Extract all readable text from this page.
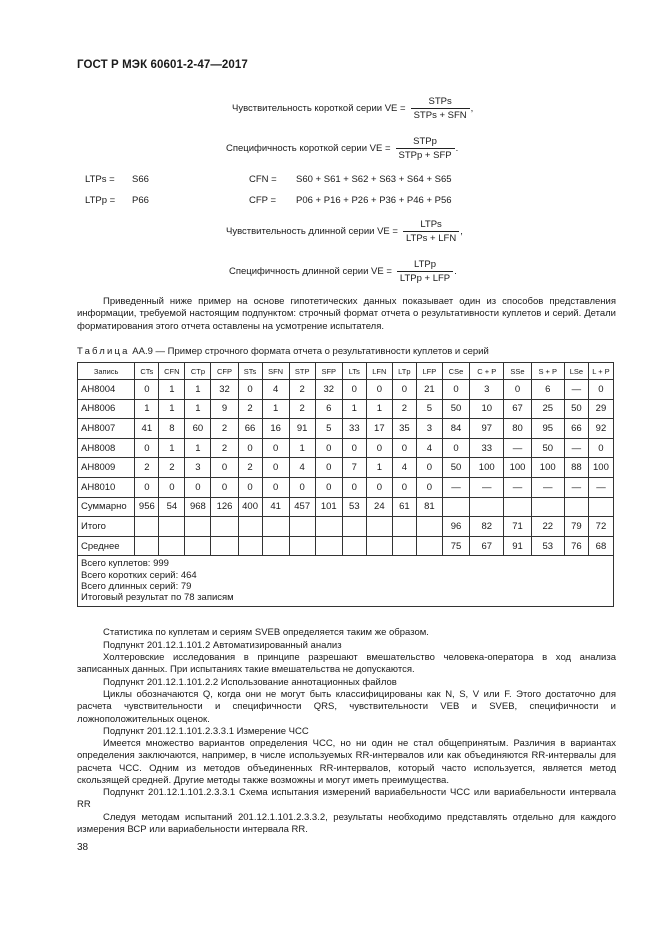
ГОСТ Р МЭК 60601-2-47—2017
Чувствительность короткой серии VE = $\frac{\text{STPs}}{\text{STPs + SFN}}$ ,
Специфичность короткой серии VE = $\frac{\text{STPp}}{\text{STPp + SFP}}$ .
LTPs = S66	CFN = S60 + S61 + S62 + S63 + S64 + S65
LTPp = P66	CFP = P06 + P16 + P26 + P36 + P46 + P56
Чувствительность длинной серии VE = $\frac{\text{LTPs}}{\text{LTPs + LFN}}$ ,
Специфичность длинной серии VE = $\frac{\text{LTPp}}{\text{LTPp + LFP}}$ .
Приведенный ниже пример на основе гипотетических данных показывает один из способов представления информации, требуемой настоящим подпунктом: строчный формат отчета о результативности куплетов и серий. Детали форматирования этого отчета оставлены на усмотрение испытателя.
Таблица AA.9 — Пример строчного формата отчета о результативности куплетов и серий
Запись	CTs	CFN	CTp	CFP	STs	SFN	STP	SFP	LTs	LFN	LTp	LFP	CSe	C + P	SSe	S + P	LSe	L + P
AH8004	0	1	1	32	0	4	2	32	0	0	0	21	0	3	0	6	—	0
AH8006	1	1	1	9	2	1	2	6	1	1	2	5	50	10	67	25	50	29
AH8007	41	8	60	2	66	16	91	5	33	17	35	3	84	97	80	95	66	92
AH8008	0	1	1	2	0	0	1	0	0	0	0	4	0	33	—	50	—	0
AH8009	2	2	3	0	2	0	4	0	7	1	4	0	50	100	100	100	88	100
AH8010	0	0	0	0	0	0	0	0	0	0	0	0	—	—	—	—	—	—
Суммарно	956	54	968	126	400	41	457	101	53	24	61	81						
Итого													96	82	71	22	79	72
Среднее													75	67	91	53	76	68

Всего куплетов: 999
Всего коротких серий: 464
Всего длинных серий: 79
Итоговый результат по 78 записям																		
Статистика по куплетам и сериям SVEB определяется таким же образом.
Подпункт 201.12.1.101.2 Автоматизированный анализ
Холтеровские исследования в принципе разрешают вмешательство человека-оператора в ход анализа записанных данных. При испытаниях такие вмешательства не допускаются.
Подпункт 201.12.1.101.2.2 Использование аннотационных файлов
Циклы обозначаются Q, когда они не могут быть классифицированы как N, S, V или F. Этого достаточно для расчета чувствительности и специфичности QRS, чувствительности VEB и SVEB, специфичности и ложноположительных оценок.
Подпункт 201.12.1.101.2.3.3.1 Измерение ЧСС
Имеется множество вариантов определения ЧСС, но ни один не стал общепринятым. Различия в вариантах определения заключаются, например, в числе используемых RR-интервалов или как объединяются RR-интервалы для расчета ЧСС. Одним из методов объединенных RR-интервалов, который часто используется, является метод скользящей средней. Другие методы также возможны и могут иметь преимущества.
Подпункт 201.12.1.101.2.3.3.1 Схема испытания измерений вариабельности ЧСС или вариабельности интервала RR
Следуя методам испытаний 201.12.1.101.2.3.3.2, результаты необходимо представлять отдельно для каждого измерения ВСР или вариабельности интервала RR.
38
